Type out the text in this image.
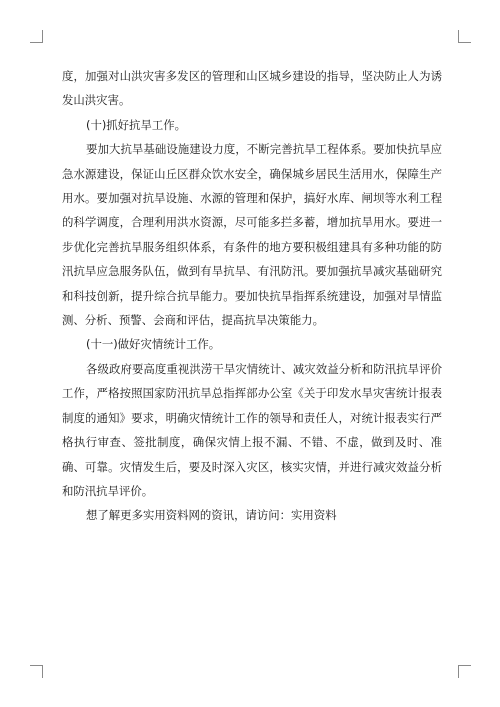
度，加强对山洪灾害多发区的管理和山区城乡建设的指导，坚决防止人为诱发山洪灾害。

(十)抓好抗旱工作。

要加大抗旱基础设施建设力度，不断完善抗旱工程体系。要加快抗旱应急水源建设，保证山丘区群众饮水安全，确保城乡居民生活用水，保障生产用水。要加强对抗旱设施、水源的管理和保护，搞好水库、闸坝等水利工程的科学调度，合理利用洪水资源，尽可能多拦多蓄，增加抗旱用水。要进一步优化完善抗旱服务组织体系，有条件的地方要积极组建具有多种功能的防汛抗旱应急服务队伍，做到有旱抗旱、有汛防汛。要加强抗旱减灾基础研究和科技创新，提升综合抗旱能力。要加快抗旱指挥系统建设，加强对旱情监测、分析、预警、会商和评估，提高抗旱决策能力。

(十一)做好灾情统计工作。

各级政府要高度重视洪涝干旱灾情统计、减灾效益分析和防汛抗旱评价工作，严格按照国家防汛抗旱总指挥部办公室《关于印发水旱灾害统计报表制度的通知》要求，明确灾情统计工作的领导和责任人，对统计报表实行严格执行审查、签批制度，确保灾情上报不漏、不错、不虚，做到及时、准确、可靠。灾情发生后，要及时深入灾区，核实灾情，并进行减灾效益分析和防汛抗旱评价。

想了解更多实用资料网的资讯，请访问：实用资料
